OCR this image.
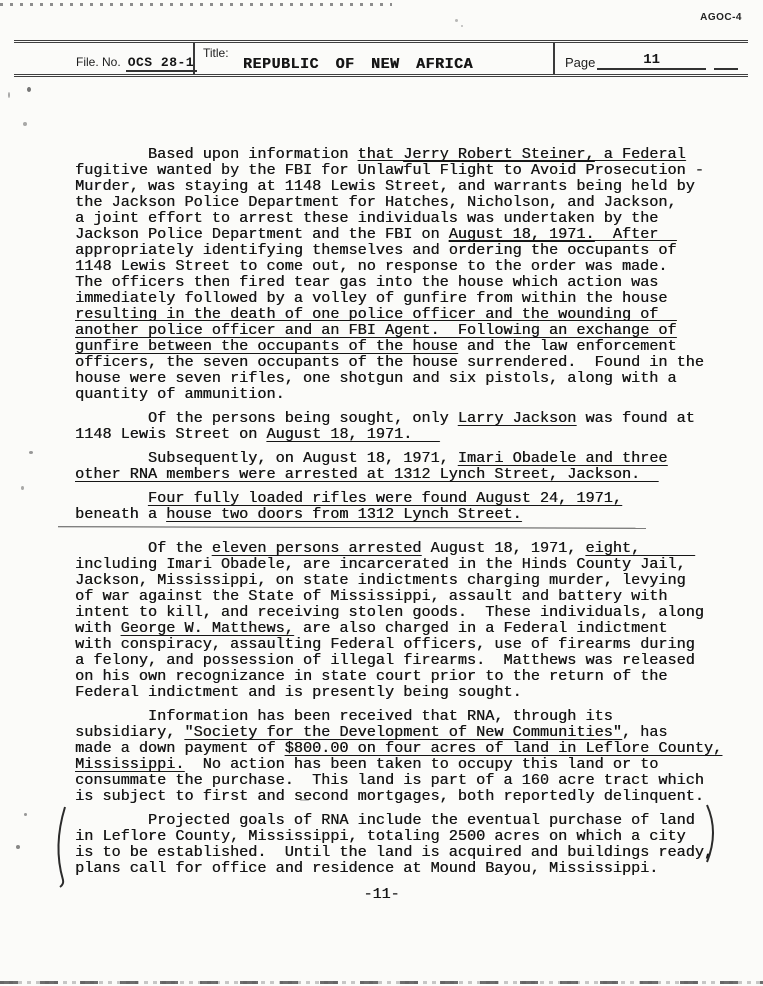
AGOC-4
File. No. OCS 28-1
Title:
REPUBLIC OF NEW AFRICA	Page	11
Based upon information that Jerry Robert Steiner, a Federal
fugitive wanted by the FBI for Unlawful Flight to Avoid Prosecution -
Murder, was staying at 1148 Lewis Street, and warrants being held by
the Jackson Police Department for Hatches, Nicholson, and Jackson,
a joint effort to arrest these individuals was undertaken by the
Jackson Police Department and the FBI on August 18, 1971.  After
appropriately identifying themselves and ordering the occupants of
1148 Lewis Street to come out, no response to the order was made.
The officers then fired tear gas into the house which action was
immediately followed by a volley of gunfire from within the house
resulting in the death of one police officer and the wounding of
another police officer and an FBI Agent.  Following an exchange of
gunfire between the occupants of the house and the law enforcement
officers, the seven occupants of the house surrendered.  Found in the
house were seven rifles, one shotgun and six pistols, along with a
quantity of ammunition.
Of the persons being sought, only Larry Jackson was found at
1148 Lewis Street on August 18, 1971.
Subsequently, on August 18, 1971, Imari Obadele and three
other RNA members were arrested at 1312 Lynch Street, Jackson.
Four fully loaded rifles were found August 24, 1971,
beneath a house two doors from 1312 Lynch Street.
Of the eleven persons arrested August 18, 1971, eight,
including Imari Obadele, are incarcerated in the Hinds County Jail,
Jackson, Mississippi, on state indictments charging murder, levying
of war against the State of Mississippi, assault and battery with
intent to kill, and receiving stolen goods.  These individuals, along
with George W. Matthews, are also charged in a Federal indictment
with conspiracy, assaulting Federal officers, use of firearms during
a felony, and possession of illegal firearms.  Matthews was released
on his own recognizance in state court prior to the return of the
Federal indictment and is presently being sought.
Information has been received that RNA, through its
subsidiary, "Society for the Development of New Communities", has
made a down payment of $800.00 on four acres of land in Leflore County,
Mississippi.  No action has been taken to occupy this land or to
consummate the purchase.  This land is part of a 160 acre tract which
is subject to first and second mortgages, both reportedly delinquent.
Projected goals of RNA include the eventual purchase of land
in Leflore County, Mississippi, totaling 2500 acres on which a city
is to be established.  Until the land is acquired and buildings ready,
plans call for office and residence at Mound Bayou, Mississippi.
-11-
